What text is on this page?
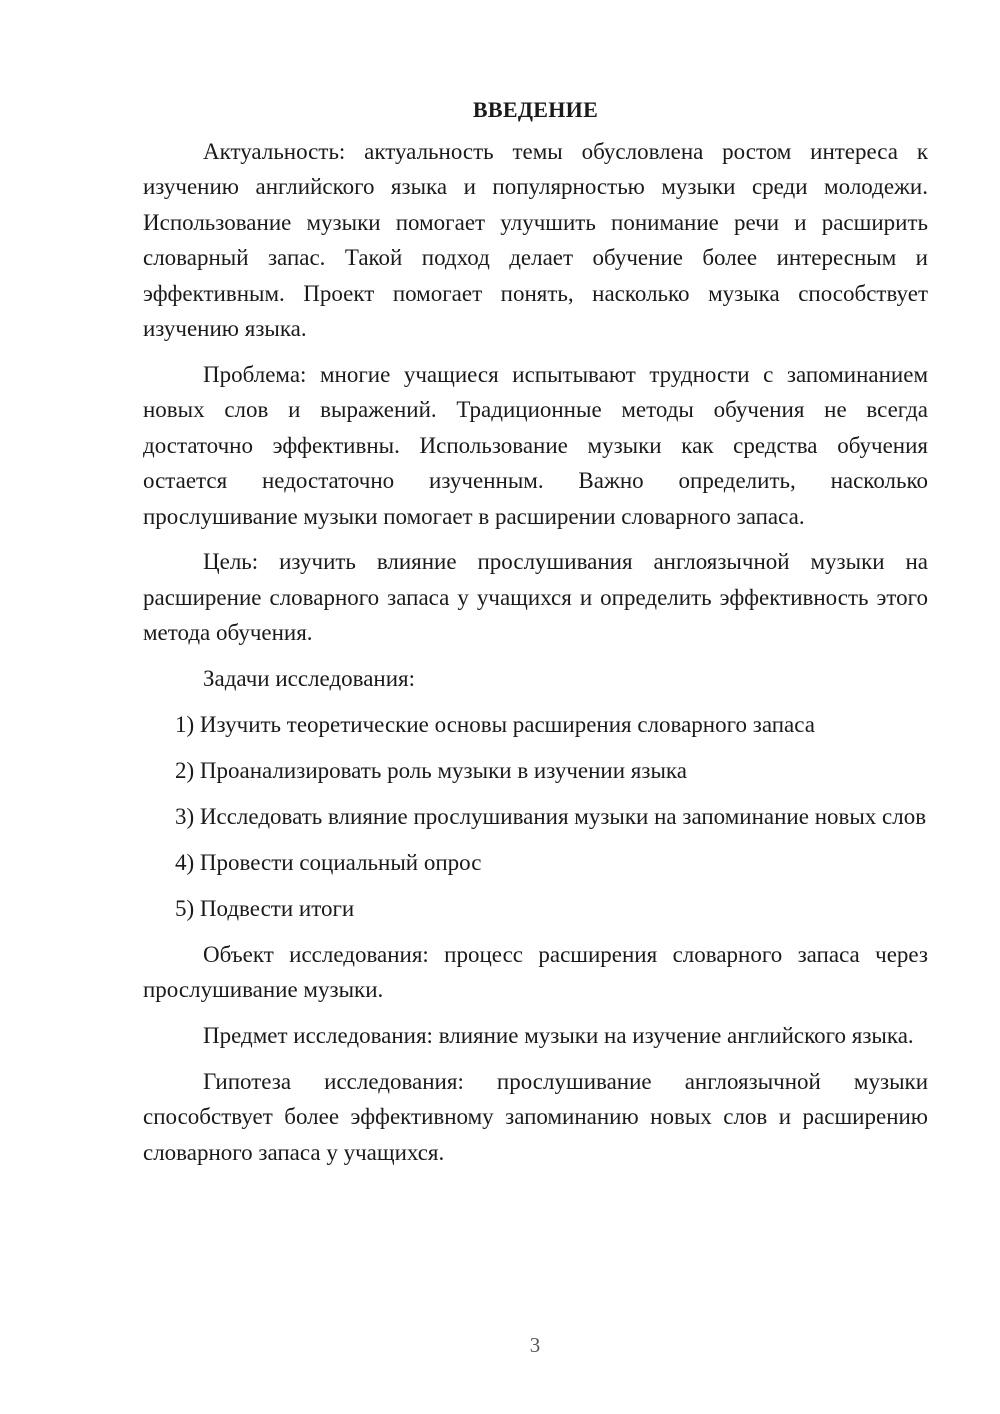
ВВЕДЕНИЕ

Актуальность: актуальность темы обусловлена ростом интереса к изучению английского языка и популярностью музыки среди молодежи. Использование музыки помогает улучшить понимание речи и расширить словарный запас. Такой подход делает обучение более интересным и эффективным. Проект помогает понять, насколько музыка способствует изучению языка.

Проблема: многие учащиеся испытывают трудности с запоминанием новых слов и выражений. Традиционные методы обучения не всегда достаточно эффективны. Использование музыки как средства обучения остается недостаточно изученным. Важно определить, насколько прослушивание музыки помогает в расширении словарного запаса.

Цель: изучить влияние прослушивания англоязычной музыки на расширение словарного запаса у учащихся и определить эффективность этого метода обучения.

Задачи исследования:

1) Изучить теоретические основы расширения словарного запаса

2) Проанализировать роль музыки в изучении языка

3) Исследовать влияние прослушивания музыки на запоминание новых слов

4) Провести социальный опрос

5) Подвести итоги

Объект исследования: процесс расширения словарного запаса через прослушивание музыки.

Предмет исследования: влияние музыки на изучение английского языка.

Гипотеза исследования: прослушивание англоязычной музыки способствует более эффективному запоминанию новых слов и расширению словарного запаса у учащихся.

3
